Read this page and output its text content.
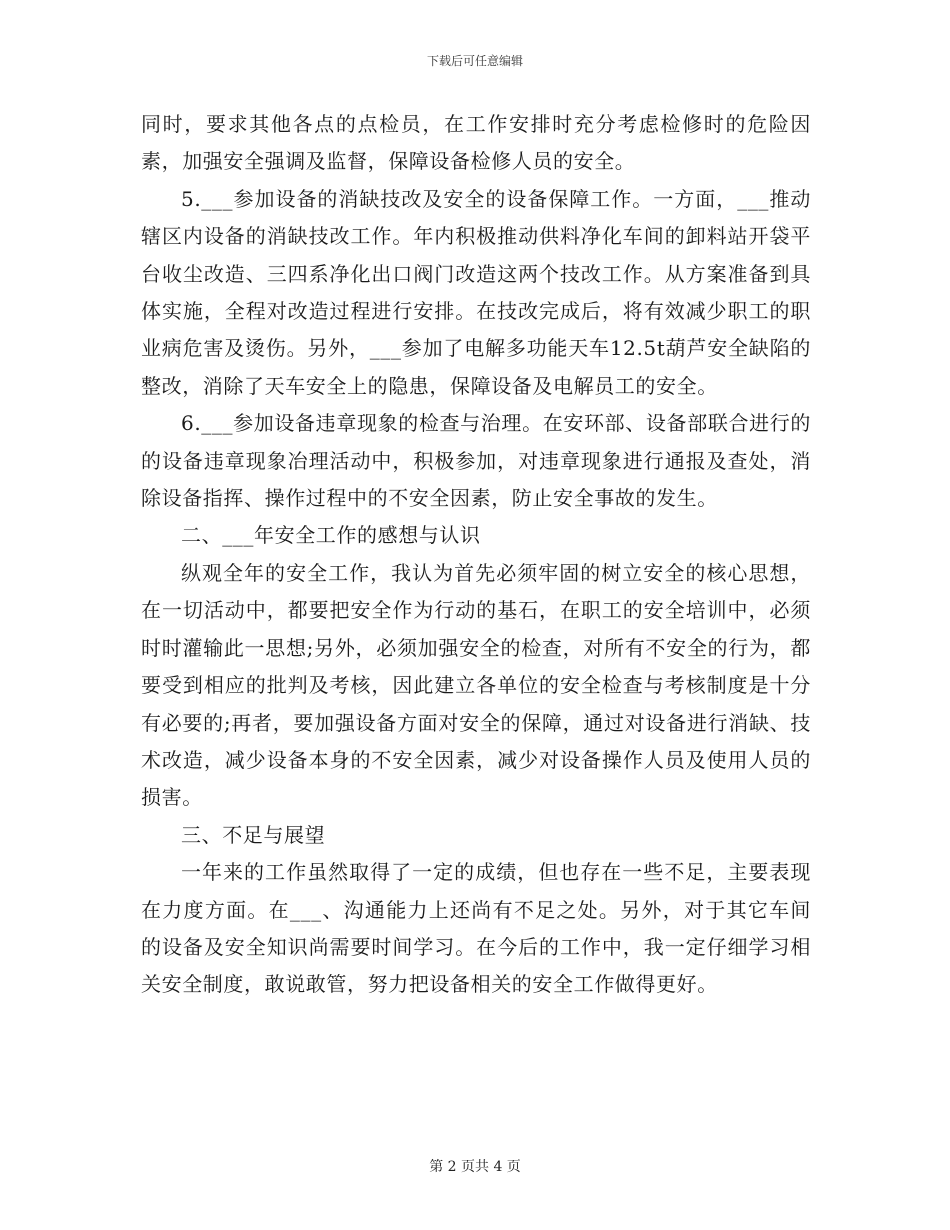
下载后可任意编辑

同时，要求其他各点的点检员，在工作安排时充分考虑检修时的危险因素，加强安全强调及监督，保障设备检修人员的安全。

5.___参加设备的消缺技改及安全的设备保障工作。一方面，___推动辖区内设备的消缺技改工作。年内积极推动供料净化车间的卸料站开袋平台收尘改造、三四系净化出口阀门改造这两个技改工作。从方案准备到具体实施，全程对改造过程进行安排。在技改完成后，将有效减少职工的职业病危害及烫伤。另外，___参加了电解多功能天车12.5t葫芦安全缺陷的整改，消除了天车安全上的隐患，保障设备及电解员工的安全。

6.___参加设备违章现象的检查与治理。在安环部、设备部联合进行的的设备违章现象冶理活动中，积极参加，对违章现象进行通报及查处，消除设备指挥、操作过程中的不安全因素，防止安全事故的发生。

二、___年安全工作的感想与认识

纵观全年的安全工作，我认为首先必须牢固的树立安全的核心思想，在一切活动中，都要把安全作为行动的基石，在职工的安全培训中，必须时时灌输此一思想;另外，必须加强安全的检查，对所有不安全的行为，都要受到相应的批判及考核，因此建立各单位的安全检查与考核制度是十分有必要的;再者，要加强设备方面对安全的保障，通过对设备进行消缺、技术改造，减少设备本身的不安全因素，减少对设备操作人员及使用人员的损害。

三、不足与展望

一年来的工作虽然取得了一定的成绩，但也存在一些不足，主要表现在力度方面。在___、沟通能力上还尚有不足之处。另外，对于其它车间的设备及安全知识尚需要时间学习。在今后的工作中，我一定仔细学习相关安全制度，敢说敢管，努力把设备相关的安全工作做得更好。

第 2 页共 4 页
